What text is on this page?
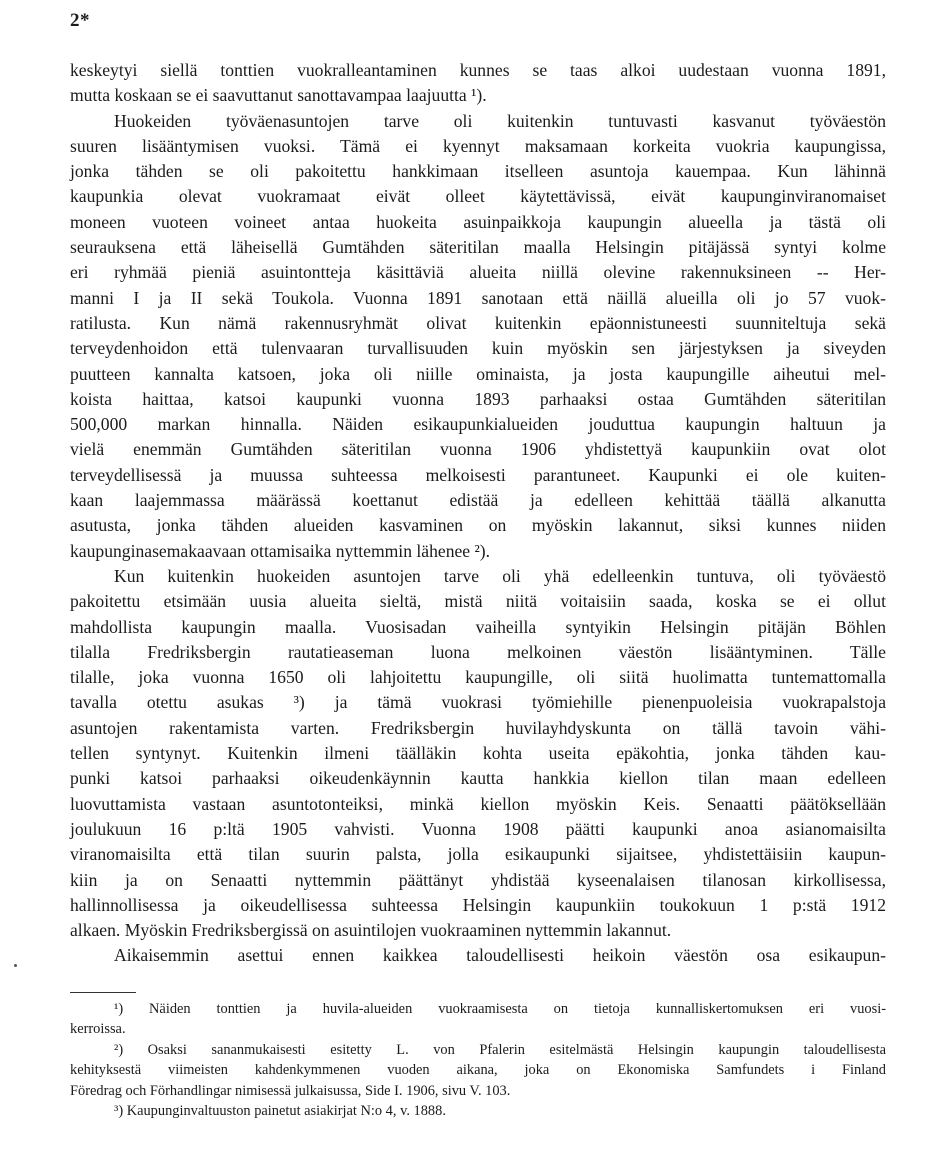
2*

keskeytyi siellä tonttien vuokralleantaminen kunnes se taas alkoi uudestaan vuonna 1891,

mutta koskaan se ei saavuttanut sanottavampaa laajuutta ¹).

Huokeiden työväenasuntojen tarve oli kuitenkin tuntuvasti kasvanut työväestön

suuren lisääntymisen vuoksi. Tämä ei kyennyt maksamaan korkeita vuokria kaupungissa,

jonka tähden se oli pakoitettu hankkimaan itselleen asuntoja kauempaa. Kun lähinnä

kaupunkia olevat vuokramaat eivät olleet käytettävissä, eivät kaupunginviranomaiset

moneen vuoteen voineet antaa huokeita asuinpaikkoja kaupungin alueella ja tästä oli

seurauksena että läheisellä Gumtähden säteritilan maalla Helsingin pitäjässä syntyi kolme

eri ryhmää pieniä asuintontteja käsittäviä alueita niillä olevine rakennuksineen -- Her-

manni I ja II sekä Toukola. Vuonna 1891 sanotaan että näillä alueilla oli jo 57 vuok-

ratilusta. Kun nämä rakennusryhmät olivat kuitenkin epäonnistuneesti suunniteltuja sekä

terveydenhoidon että tulenvaaran turvallisuuden kuin myöskin sen järjestyksen ja siveyden

puutteen kannalta katsoen, joka oli niille ominaista, ja josta kaupungille aiheutui mel-

koista haittaa, katsoi kaupunki vuonna 1893 parhaaksi ostaa Gumtähden säteritilan

500,000 markan hinnalla. Näiden esikaupunkialueiden jouduttua kaupungin haltuun ja

vielä enemmän Gumtähden säteritilan vuonna 1906 yhdistettyä kaupunkiin ovat olot

terveydellisessä ja muussa suhteessa melkoisesti parantuneet. Kaupunki ei ole kuiten-

kaan laajemmassa määrässä koettanut edistää ja edelleen kehittää täällä alkanutta

asutusta, jonka tähden alueiden kasvaminen on myöskin lakannut, siksi kunnes niiden

kaupunginasemakaavaan ottamisaika nyttemmin lähenee ²).

Kun kuitenkin huokeiden asuntojen tarve oli yhä edelleenkin tuntuva, oli työväestö

pakoitettu etsimään uusia alueita sieltä, mistä niitä voitaisiin saada, koska se ei ollut

mahdollista kaupungin maalla. Vuosisadan vaiheilla syntyikin Helsingin pitäjän Böhlen

tilalla Fredriksbergin rautatieaseman luona melkoinen väestön lisääntyminen. Tälle

tilalle, joka vuonna 1650 oli lahjoitettu kaupungille, oli siitä huolimatta tuntemattomalla

tavalla otettu asukas ³) ja tämä vuokrasi työmiehille pienenpuoleisia vuokrapalstoja

asuntojen rakentamista varten. Fredriksbergin huvilayhdyskunta on tällä tavoin vähi-

tellen syntynyt. Kuitenkin ilmeni täälläkin kohta useita epäkohtia, jonka tähden kau-

punki katsoi parhaaksi oikeudenkäynnin kautta hankkia kiellon tilan maan edelleen

luovuttamista vastaan asuntotonteiksi, minkä kiellon myöskin Keis. Senaatti päätöksellään

joulukuun 16 p:ltä 1905 vahvisti. Vuonna 1908 päätti kaupunki anoa asianomaisilta

viranomaisilta että tilan suurin palsta, jolla esikaupunki sijaitsee, yhdistettäisiin kaupun-

kiin ja on Senaatti nyttemmin päättänyt yhdistää kyseenalaisen tilanosan kirkollisessa,

hallinnollisessa ja oikeudellisessa suhteessa Helsingin kaupunkiin toukokuun 1 p:stä 1912

alkaen. Myöskin Fredriksbergissä on asuintilojen vuokraaminen nyttemmin lakannut.

Aikaisemmin asettui ennen kaikkea taloudellisesti heikoin väestön osa esikaupun-

¹) Näiden tonttien ja huvila-alueiden vuokraamisesta on tietoja kunnalliskertomuksen eri vuosi-

kerroissa.

²) Osaksi sananmukaisesti esitetty L. von Pfalerin esitelmästä Helsingin kaupungin taloudellisesta

kehityksestä viimeisten kahdenkymmenen vuoden aikana, joka on Ekonomiska Samfundets i Finland

Föredrag och Förhandlingar nimisessä julkaisussa, Side I. 1906, sivu V. 103.

³) Kaupunginvaltuuston painetut asiakirjat N:o 4, v. 1888.
